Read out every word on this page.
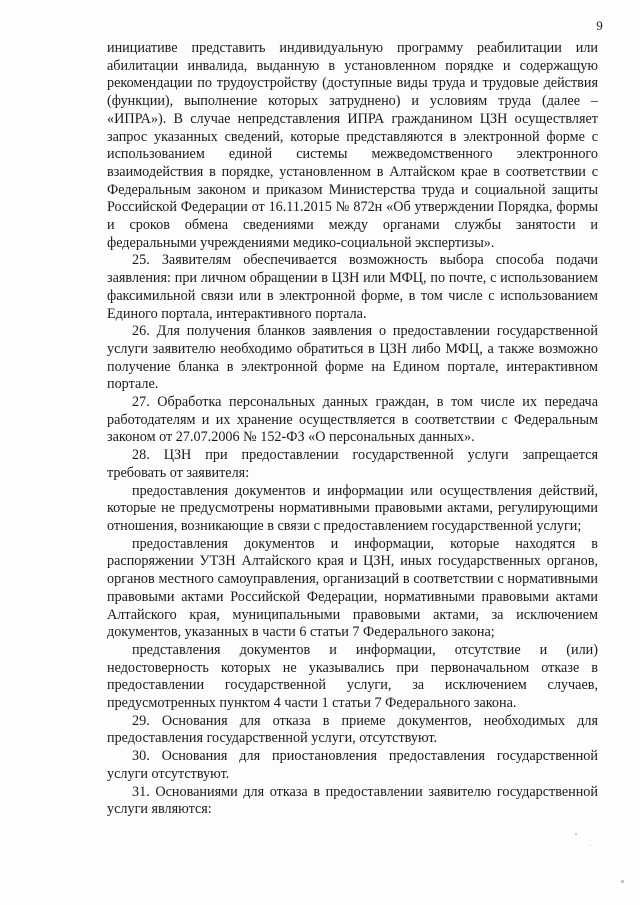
9

инициативе представить индивидуальную программу реабилитации или абилитации инвалида, выданную в установленном порядке и содержащую рекомендации по трудоустройству (доступные виды труда и трудовые действия (функции), выполнение которых затруднено) и условиям труда (далее – «ИПРА»). В случае непредставления ИПРА гражданином ЦЗН осуществляет запрос указанных сведений, которые представляются в электронной форме с использованием единой системы межведомственного электронного взаимодействия в порядке, установленном в Алтайском крае в соответствии с Федеральным законом и приказом Министерства труда и социальной защиты Российской Федерации от 16.11.2015 № 872н «Об утверждении Порядка, формы и сроков обмена сведениями между органами службы занятости и федеральными учреждениями медико-социальной экспертизы».

25. Заявителям обеспечивается возможность выбора способа подачи заявления: при личном обращении в ЦЗН или МФЦ, по почте, с использованием факсимильной связи или в электронной форме, в том числе с использованием Единого портала, интерактивного портала.

26. Для получения бланков заявления о предоставлении государственной услуги заявителю необходимо обратиться в ЦЗН либо МФЦ, а также возможно получение бланка в электронной форме на Едином портале, интерактивном портале.

27. Обработка персональных данных граждан, в том числе их передача работодателям и их хранение осуществляется в соответствии с Федеральным законом от 27.07.2006 № 152-ФЗ «О персональных данных».

28. ЦЗН при предоставлении государственной услуги запрещается требовать от заявителя:

предоставления документов и информации или осуществления действий, которые не предусмотрены нормативными правовыми актами, регулирующими отношения, возникающие в связи с предоставлением государственной услуги;

предоставления документов и информации, которые находятся в распоряжении УТЗН Алтайского края и ЦЗН, иных государственных органов, органов местного самоуправления, организаций в соответствии с нормативными правовыми актами Российской Федерации, нормативными правовыми актами Алтайского края, муниципальными правовыми актами, за исключением документов, указанных в части 6 статьи 7 Федерального закона;

представления документов и информации, отсутствие и (или) недостоверность которых не указывались при первоначальном отказе в предоставлении государственной услуги, за исключением случаев, предусмотренных пунктом 4 части 1 статьи 7 Федерального закона.

29. Основания для отказа в приеме документов, необходимых для предоставления государственной услуги, отсутствуют.

30. Основания для приостановления предоставления государственной услуги отсутствуют.

31. Основаниями для отказа в предоставлении заявителю государственной услуги являются:
